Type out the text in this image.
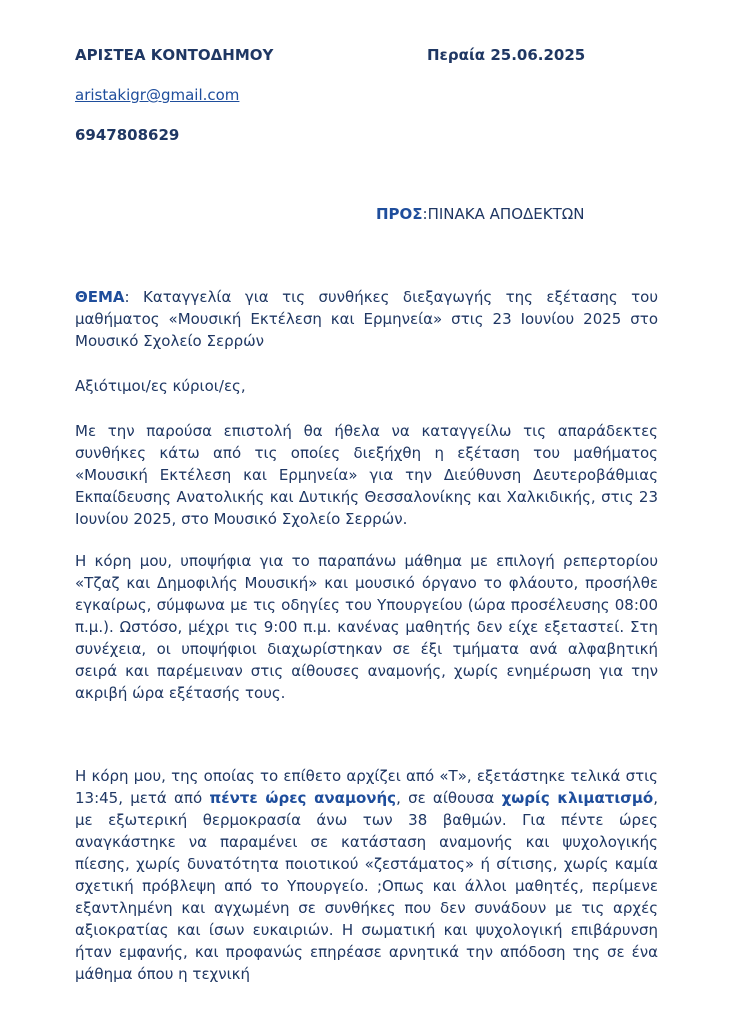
ΑΡΙΣΤΕΑ ΚΟΝΤΟΔΗΜΟΥ	Περαία 25.06.2025
aristakigr@gmail.com
6947808629
ΠΡΟΣ:ΠΙΝΑΚΑ ΑΠΟΔΕΚΤΩΝ
ΘΕΜΑ: Καταγγελία για τις συνθήκες διεξαγωγής της εξέτασης του μαθήματος «Μουσική Εκτέλεση και Ερμηνεία» στις 23 Ιουνίου 2025 στο Μουσικό Σχολείο Σερρών
Αξιότιμοι/ες κύριοι/ες,
Με την παρούσα επιστολή θα ήθελα να καταγγείλω τις απαράδεκτες συνθήκες κάτω από τις οποίες διεξήχθη η εξέταση του μαθήματος «Μουσική Εκτέλεση και Ερμηνεία» για την Διεύθυνση Δευτεροβάθμιας Εκπαίδευσης Ανατολικής και Δυτικής Θεσσαλονίκης και Χαλκιδικής, στις 23 Ιουνίου 2025, στο Μουσικό Σχολείο Σερρών.
Η κόρη μου, υποψήφια για το παραπάνω μάθημα με επιλογή ρεπερτορίου «Τζαζ και Δημοφιλής Μουσική» και μουσικό όργανο το φλάουτο, προσήλθε εγκαίρως, σύμφωνα με τις οδηγίες του Υπουργείου (ώρα προσέλευσης 08:00 π.μ.). Ωστόσο, μέχρι τις 9:00 π.μ. κανένας μαθητής δεν είχε εξεταστεί. Στη συνέχεια, οι υποψήφιοι διαχωρίστηκαν σε έξι τμήματα ανά αλφαβητική σειρά και παρέμειναν στις αίθουσες αναμονής, χωρίς ενημέρωση για την ακριβή ώρα εξέτασής τους.
Η κόρη μου, της οποίας το επίθετο αρχίζει από «Τ», εξετάστηκε τελικά στις 13:45, μετά από πέντε ώρες αναμονής, σε αίθουσα χωρίς κλιματισμό, με εξωτερική θερμοκρασία άνω των 38 βαθμών. Για πέντε ώρες αναγκάστηκε να παραμένει σε κατάσταση αναμονής και ψυχολογικής πίεσης, χωρίς δυνατότητα ποιοτικού «ζεστάματος» ή σίτισης, χωρίς καμία σχετική πρόβλεψη από το Υπουργείο. ;Οπως και άλλοι μαθητές, περίμενε εξαντλημένη και αγχωμένη σε συνθήκες που δεν συνάδουν με τις αρχές αξιοκρατίας και ίσων ευκαιριών. Η σωματική και ψυχολογική επιβάρυνση ήταν εμφανής, και προφανώς επηρέασε αρνητικά την απόδοση της σε ένα μάθημα όπου η τεχνική
